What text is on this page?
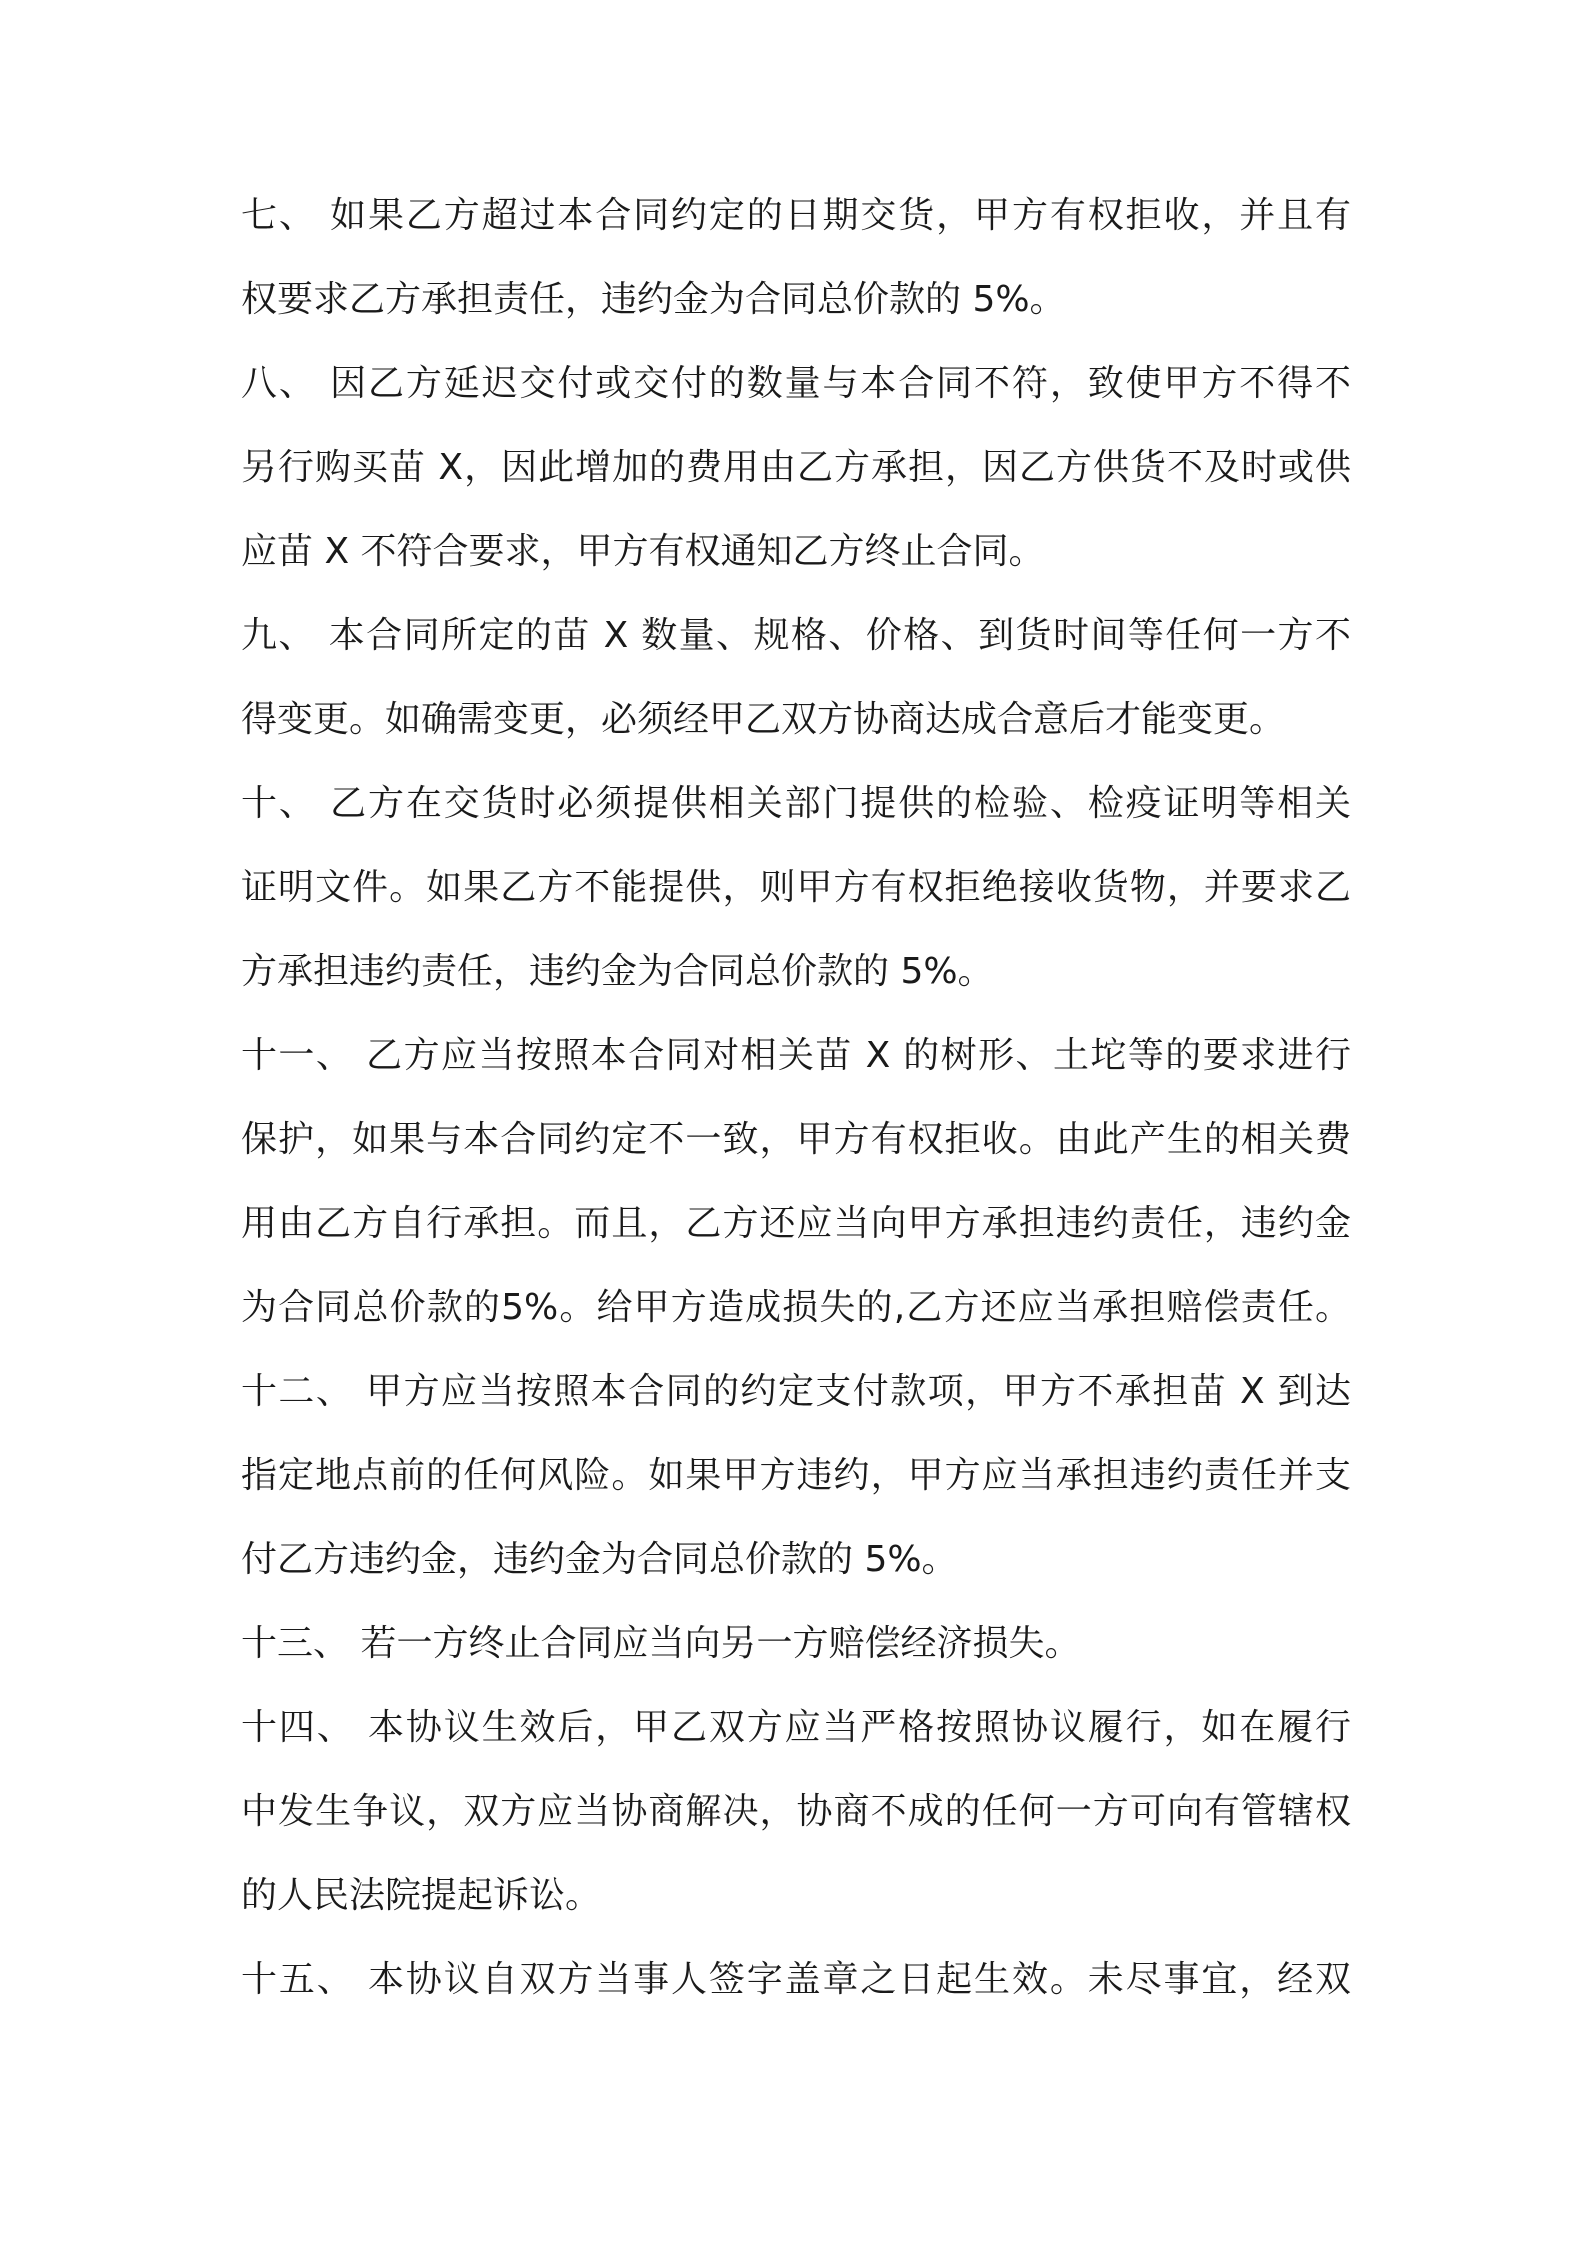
七、 如果乙方超过本合同约定的日期交货，甲方有权拒收，并且有

权要求乙方承担责任，违约金为合同总价款的 5%。

八、 因乙方延迟交付或交付的数量与本合同不符，致使甲方不得不

另行购买苗 X，因此增加的费用由乙方承担，因乙方供货不及时或供

应苗 X 不符合要求，甲方有权通知乙方终止合同。

九、 本合同所定的苗 X 数量、规格、价格、到货时间等任何一方不

得变更。如确需变更，必须经甲乙双方协商达成合意后才能变更。

十、 乙方在交货时必须提供相关部门提供的检验、检疫证明等相关

证明文件。如果乙方不能提供，则甲方有权拒绝接收货物，并要求乙

方承担违约责任，违约金为合同总价款的 5%。

十一、 乙方应当按照本合同对相关苗 X 的树形、土坨等的要求进行

保护，如果与本合同约定不一致，甲方有权拒收。由此产生的相关费

用由乙方自行承担。而且，乙方还应当向甲方承担违约责任，违约金

为合同总价款的5%。给甲方造成损失的,乙方还应当承担赔偿责任。

十二、 甲方应当按照本合同的约定支付款项，甲方不承担苗 X 到达

指定地点前的任何风险。如果甲方违约，甲方应当承担违约责任并支

付乙方违约金，违约金为合同总价款的 5%。

十三、 若一方终止合同应当向另一方赔偿经济损失。

十四、 本协议生效后，甲乙双方应当严格按照协议履行，如在履行

中发生争议，双方应当协商解决，协商不成的任何一方可向有管辖权

的人民法院提起诉讼。

十五、 本协议自双方当事人签字盖章之日起生效。未尽事宜，经双
